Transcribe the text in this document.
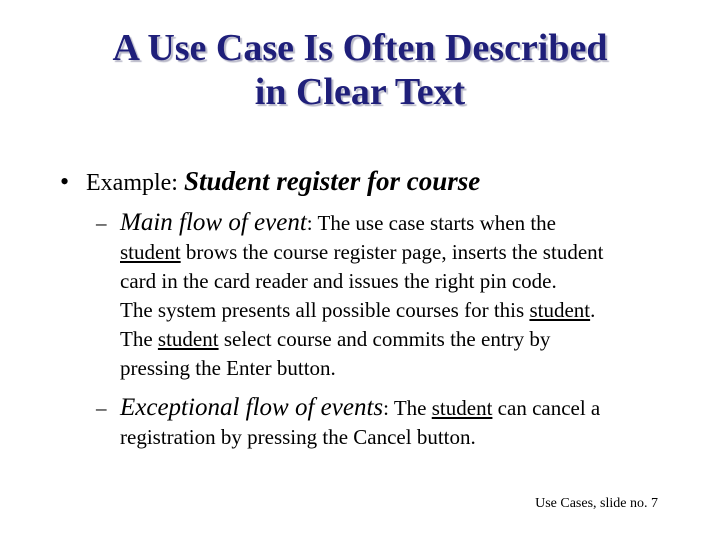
A Use Case Is Often Described
in Clear Text
• Example: Student register for course
– Main flow of event: The use case starts when the
student brows the course register page, inserts the student
card in the card reader and issues the right pin code.
The system presents all possible courses for this student.
The student select course and commits the entry by
pressing the Enter button.
– Exceptional flow of events: The student can cancel a
registration by pressing the Cancel button.
Use Cases, slide no. 7
